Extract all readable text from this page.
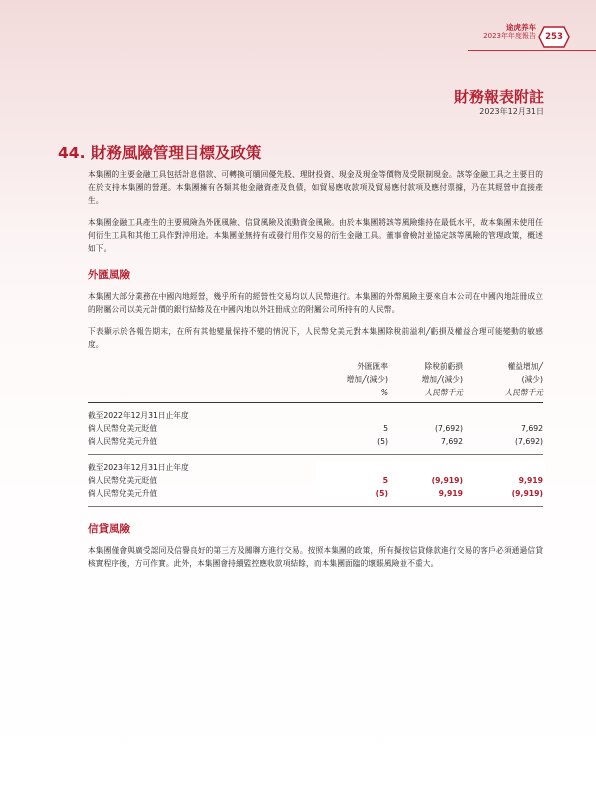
途虎养车
2023年年度報告	253
財務報表附註
2023年12月31日
44. 財務風險管理目標及政策

本集團的主要金融工具包括計息借款、可轉換可贖回優先股、理財投資、現金及現金等價物及受限制現金。該等金融工具之主要目的在於支持本集團的營運。本集團擁有各類其他金融資產及負債，如貿易應收款項及貿易應付款項及應付票據，乃在其經營中直接產生。

本集團金融工具產生的主要風險為外匯風險、信貸風險及流動資金風險。由於本集團將該等風險維持在最低水平，故本集團未使用任何衍生工具和其他工具作對沖用途。本集團並無持有或發行用作交易的衍生金融工具。董事會檢討並協定該等風險的管理政策，概述如下。

外匯風險

本集團大部分業務在中國內地經營，幾乎所有的經營性交易均以人民幣進行。本集團的外幣風險主要來自本公司在中國內地註冊成立的附屬公司以美元計價的銀行結餘及在中國內地以外註冊成立的附屬公司所持有的人民幣。

下表顯示於各報告期末，在所有其他變量保持不變的情況下，人民幣兌美元對本集團除稅前溢利╱虧損及權益合理可能變動的敏感度。

外匯匯率
增加╱(減少)
%
除稅前虧損
增加╱(減少)
人民幣千元
權益增加╱
(減少)
人民幣千元
截至2022年12月31日止年度
倘人民幣兌美元貶值	5	(7,692)	7,692
倘人民幣兌美元升值	(5)	7,692	(7,692)
截至2023年12月31日止年度
倘人民幣兌美元貶值	5	(9,919)	9,919
倘人民幣兌美元升值	(5)	9,919	(9,919)
信貸風險

本集團僅會與廣受認同及信譽良好的第三方及關聯方進行交易。按照本集團的政策，所有擬按信貸條款進行交易的客戶必須通過信貸核實程序後，方可作實。此外，本集團會持續監控應收款項結餘，而本集團面臨的壞賬風險並不重大。
